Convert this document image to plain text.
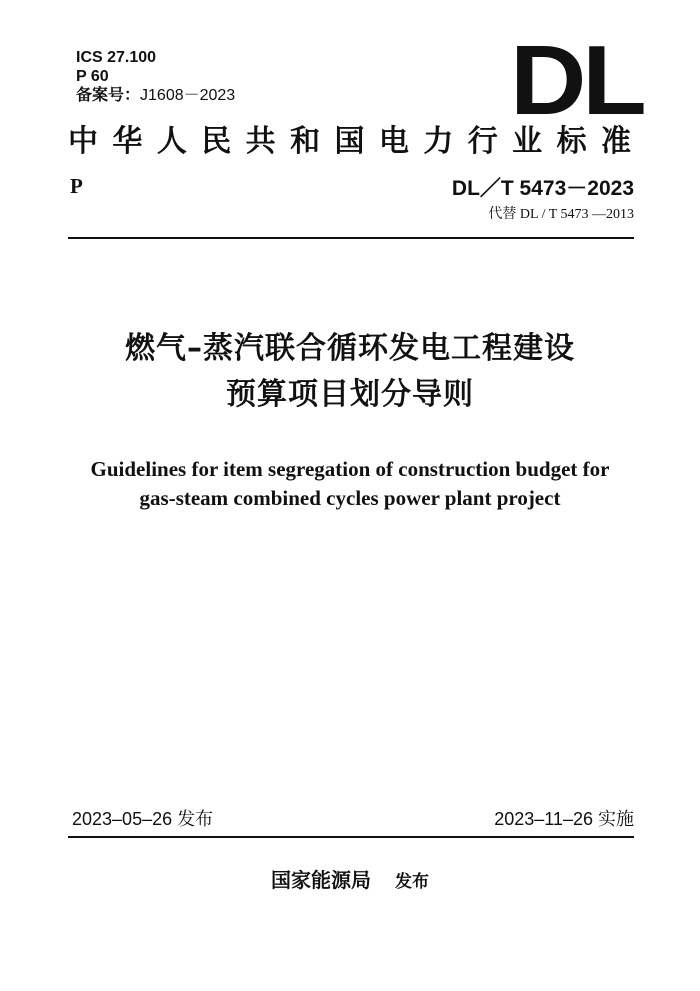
ICS 27.100
P 60
备案号：J1608－2023	DL
中华人民共和国电力行业标准
P	DL／T 5473－2023
代替 DL / T 5473 —2013
燃气–蒸汽联合循环发电工程建设
预算项目划分导则
Guidelines for item segregation of construction budget for
gas-steam combined cycles power plant project
2023–05–26 发布	2023–11–26 实施
国家能源局 发布
